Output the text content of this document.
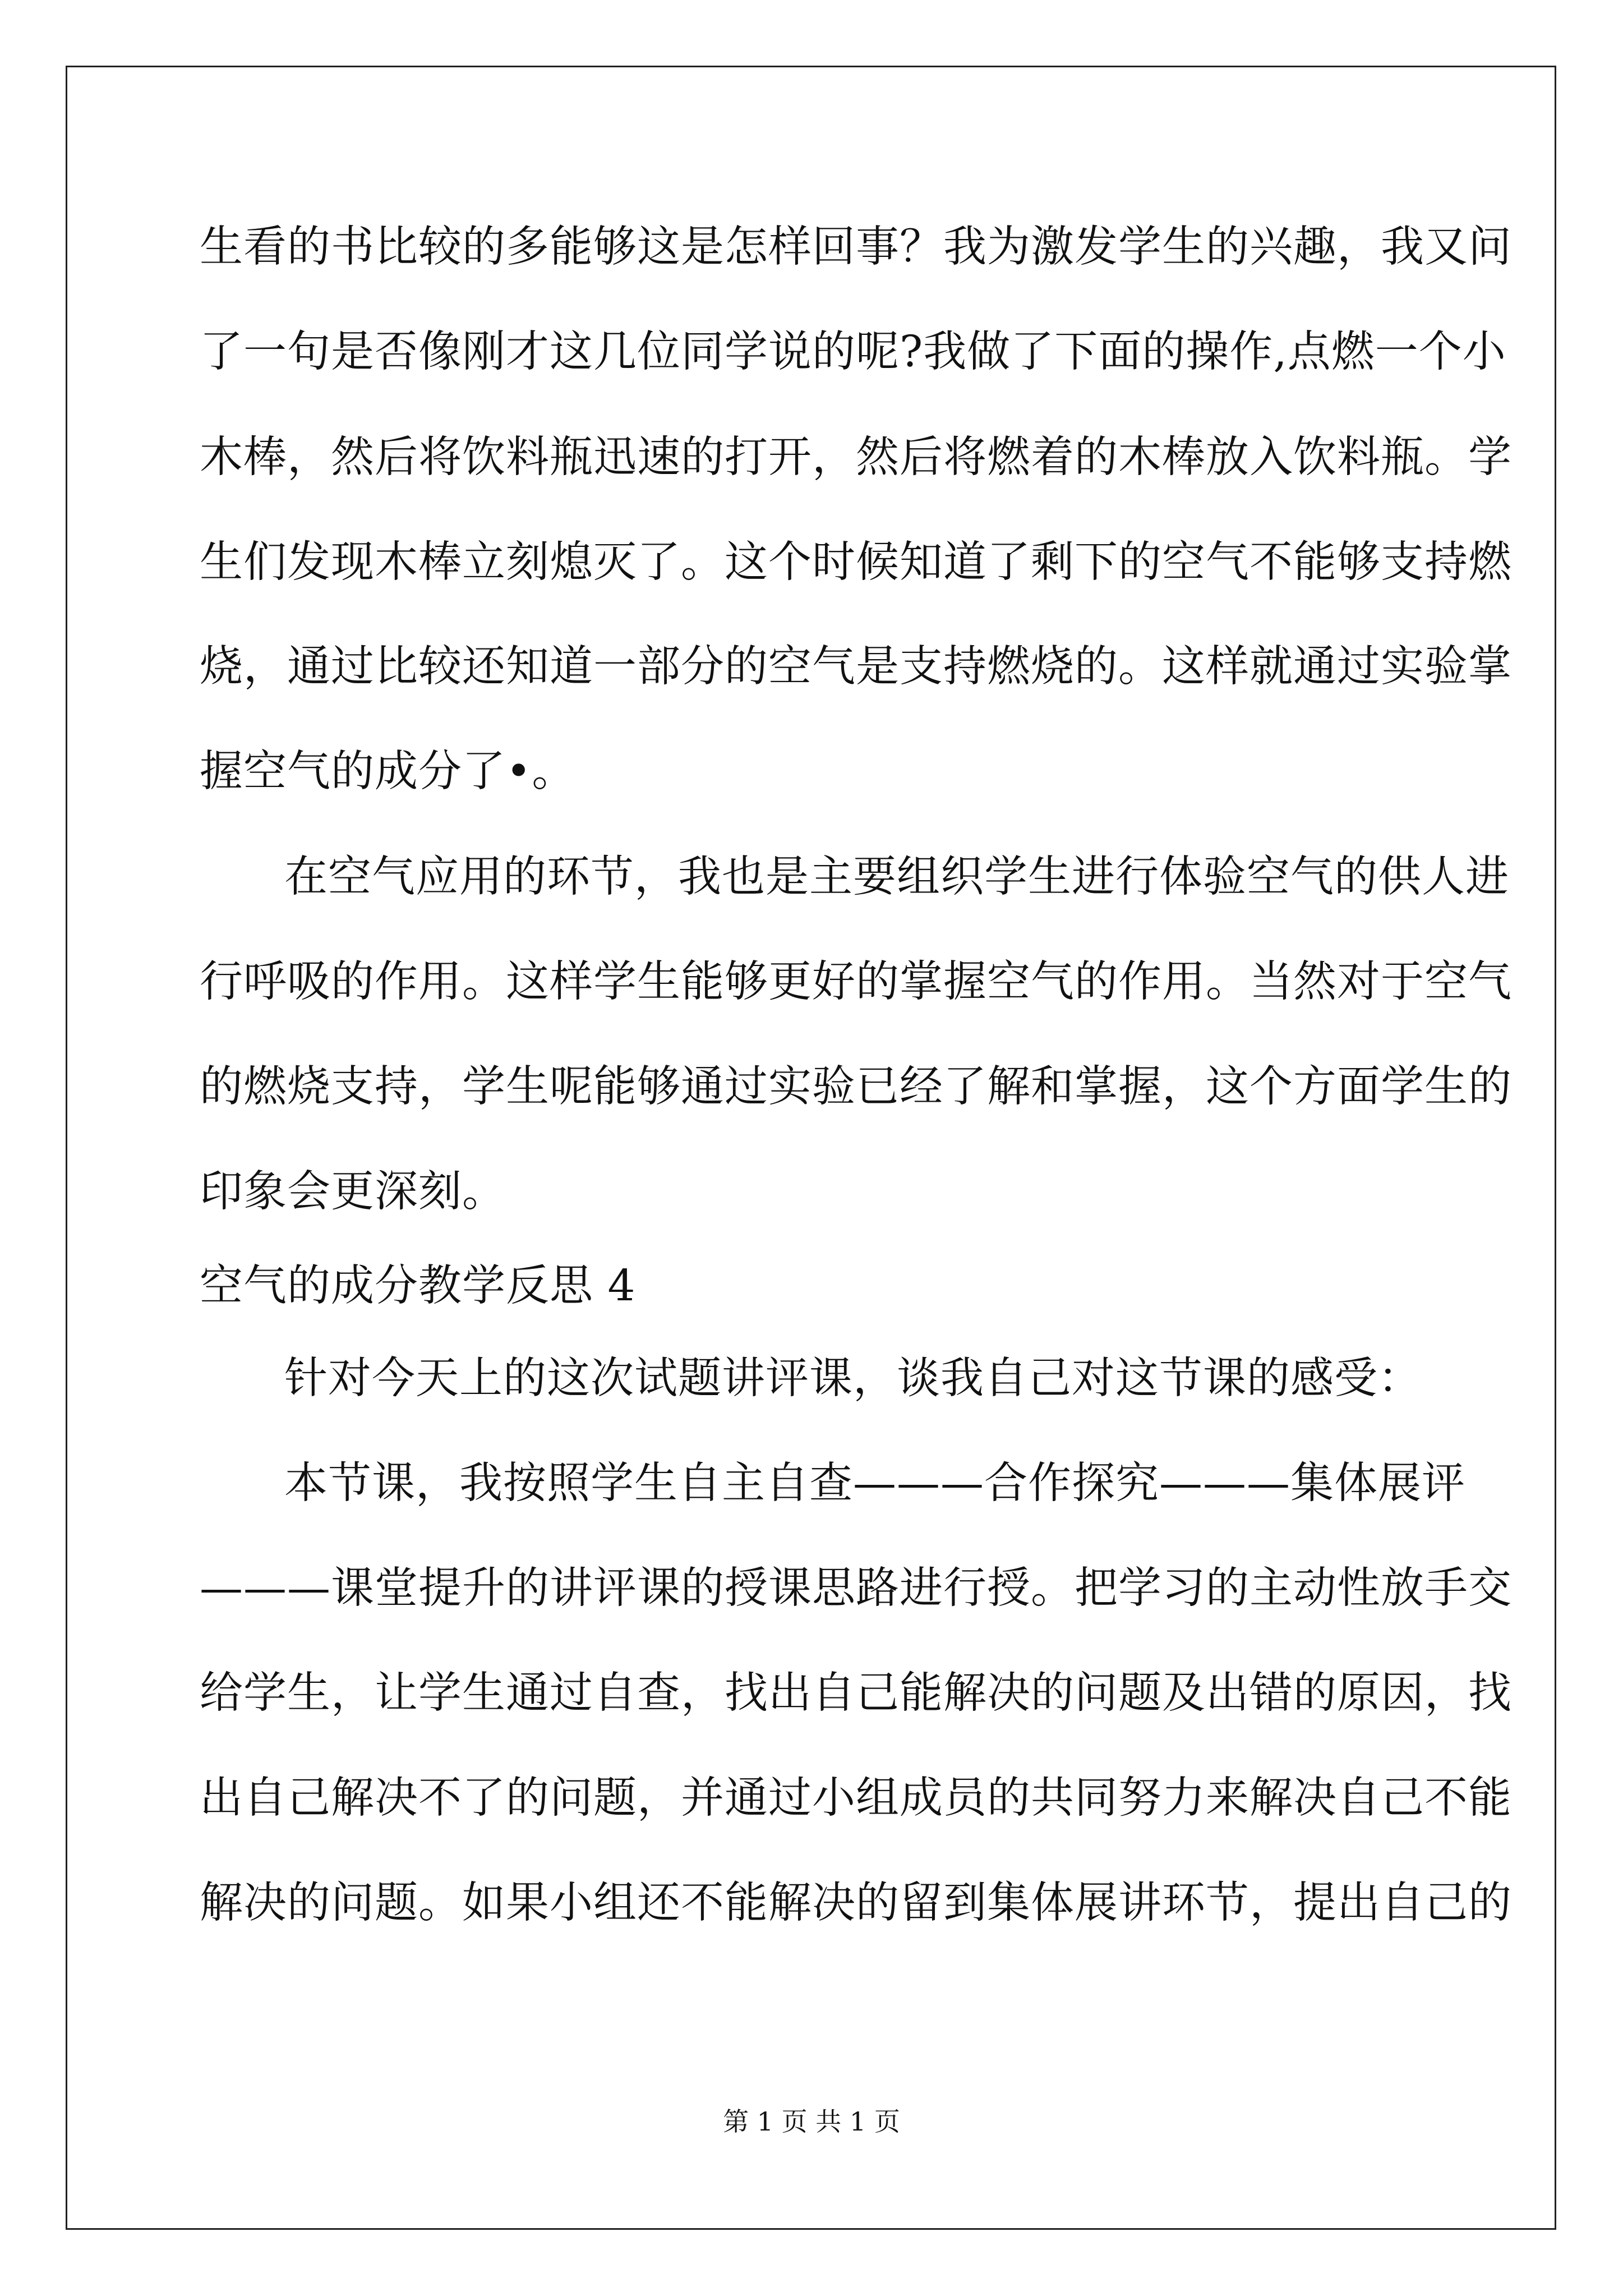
生看的书比较的多能够这是怎样回事？我为激发学生的兴趣，我又问
了一句是否像刚才这几位同学说的呢?我做了下面的操作,点燃一个小
木棒，然后将饮料瓶迅速的打开，然后将燃着的木棒放入饮料瓶。学
生们发现木棒立刻熄灭了。这个时候知道了剩下的空气不能够支持燃
烧，通过比较还知道一部分的空气是支持燃烧的。这样就通过实验掌
握空气的成分了•。
在空气应用的环节，我也是主要组织学生进行体验空气的供人进
行呼吸的作用。这样学生能够更好的掌握空气的作用。当然对于空气
的燃烧支持，学生呢能够通过实验已经了解和掌握，这个方面学生的
印象会更深刻。
空气的成分教学反思 4
针对今天上的这次试题讲评课，谈我自己对这节课的感受：
本节课，我按照学生自主自查———合作探究———集体展评
———课堂提升的讲评课的授课思路进行授。把学习的主动性放手交
给学生，让学生通过自查，找出自己能解决的问题及出错的原因，找
出自己解决不了的问题，并通过小组成员的共同努力来解决自己不能
解决的问题。如果小组还不能解决的留到集体展讲环节，提出自己的
第 1 页 共 1 页
